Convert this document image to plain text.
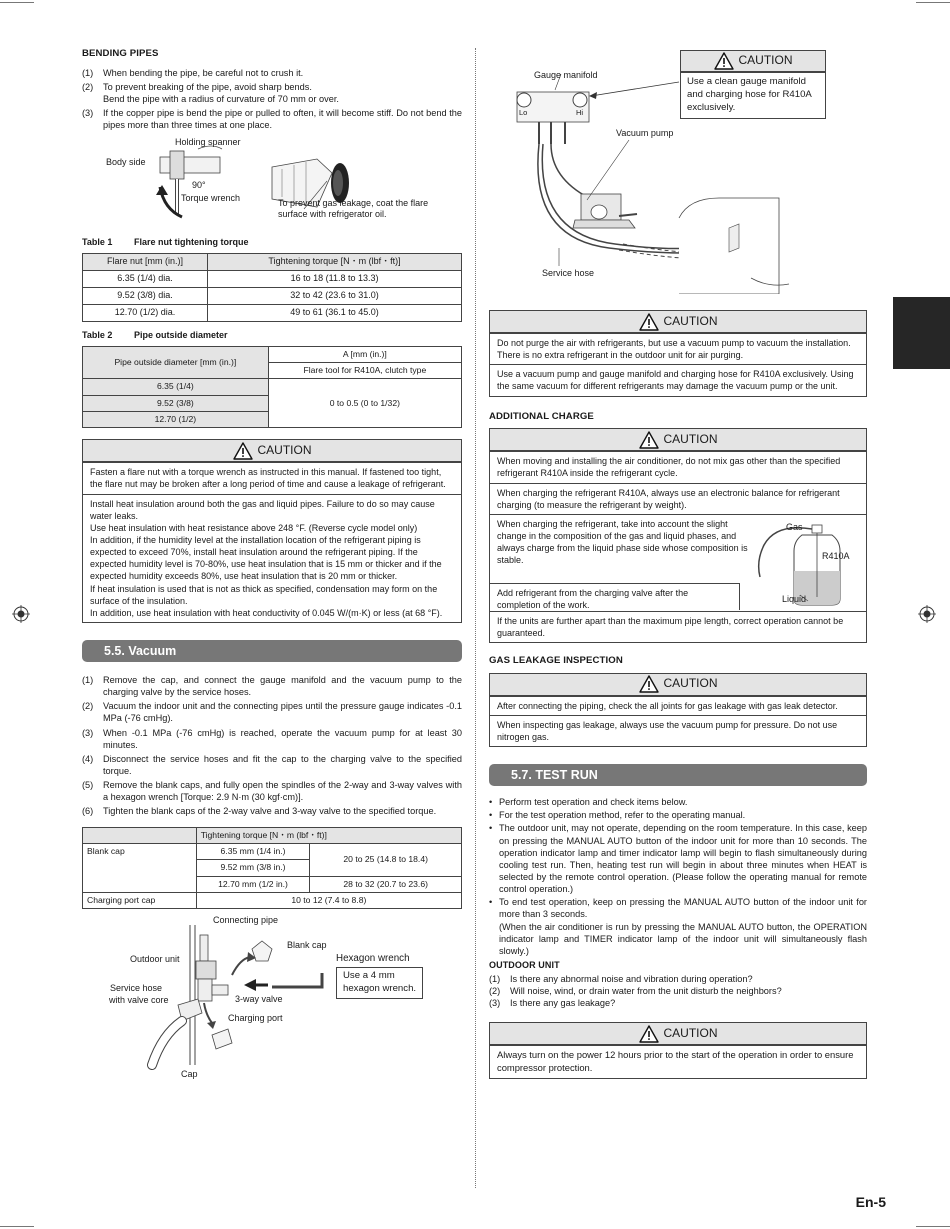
BENDING PIPES
(1) When bending the pipe, be careful not to crush it.
(2) To prevent breaking of the pipe, avoid sharp bends.
Bend the pipe with a radius of curvature of 70 mm or over.
(3) If the copper pipe is bend the pipe or pulled to often, it will become stiff. Do not bend the pipes more than three times at one place.
Holding spanner
Body side
90°
Torque wrench	To prevent gas leakage, coat the flare
surface with refrigerator oil.
Table 1 Flare nut tightening torque
Flare nut [mm (in.)]	Tightening torque [N・m (lbf・ft)]
6.35 (1/4) dia.	16 to 18 (11.8 to 13.3)
9.52 (3/8) dia.	32 to 42 (23.6 to 31.0)
12.70 (1/2) dia.	49 to 61 (36.1 to 45.0)
Table 2 Pipe outside diameter
Pipe outside diameter [mm (in.)]	A [mm (in.)]
	Flare tool for R410A, clutch type
6.35 (1/4)	0 to 0.5 (0 to 1/32)
9.52 (3/8)	
12.70 (1/2)	
CAUTION
Fasten a flare nut with a torque wrench as instructed in this manual. If fastened too tight, the flare nut may be broken after a long period of time and cause a leakage of refrigerant.

Install heat insulation around both the gas and liquid pipes. Failure to do so may cause water leaks.

Use heat insulation with heat resistance above 248 °F. (Reverse cycle model only)

In addition, if the humidity level at the installation location of the refrigerant piping is expected to exceed 70%, install heat insulation around the refrigerant piping. If the expected humidity level is 70-80%, use heat insulation that is 15 mm or thicker and if the expected humidity exceeds 80%, use heat insulation that is 20 mm or thicker.

If heat insulation is used that is not as thick as specified, condensation may form on the surface of the insulation.

In addition, use heat insulation with heat conductivity of 0.045 W/(m·K) or less (at 68 °F).

5.5. Vacuum
(1) Remove the cap, and connect the gauge manifold and the vacuum pump to the charging valve by the service hoses.
(2) Vacuum the indoor unit and the connecting pipes until the pressure gauge indicates -0.1 MPa (-76 cmHg).
(3) When -0.1 MPa (-76 cmHg) is reached, operate the vacuum pump for at least 30 minutes.
(4) Disconnect the service hoses and fit the cap to the charging valve to the specified torque.
(5) Remove the blank caps, and fully open the spindles of the 2-way and 3-way valves with a hexagon wrench [Torque: 2.9 N·m (30 kgf·cm)].
(6) Tighten the blank caps of the 2-way valve and 3-way valve to the specified torque.
	Tightening torque [N・m (lbf・ft)]	
Blank cap	6.35 mm (1/4 in.)	20 to 25 (14.8 to 18.4)
	9.52 mm (3/8 in.)	
	12.70 mm (1/2 in.)	28 to 32 (20.7 to 23.6)
Charging port cap	10 to 12 (7.4 to 8.8)	
Connecting pipe
Blank cap
Outdoor unit	Hexagon wrench
Use a 4 mm
hexagon wrench.
Service hose
with valve core	3-way valve
Charging port
Cap
Gauge manifold
Lo	Hi
Vacuum pump
Service hose
CAUTION
Use a clean gauge manifold and charging hose for R410A exclusively.
CAUTION

Do not purge the air with refrigerants, but use a vacuum pump to vacuum the installation.

There is no extra refrigerant in the outdoor unit for air purging.

Use a vacuum pump and gauge manifold and charging hose for R410A exclusively. Using the same vacuum for different refrigerants may damage the vacuum pump or the unit.
ADDITIONAL CHARGE
CAUTION
When moving and installing the air conditioner, do not mix gas other than the specified refrigerant R410A inside the refrigerant cycle.
When charging the refrigerant R410A, always use an electronic balance for refrigerant charging (to measure the refrigerant by weight).
When charging the refrigerant, take into account the slight change in the composition of the gas and liquid phases, and always charge from the liquid phase side whose composition is stable.
Add refrigerant from the charging valve after the completion of the work.
Gas
R410A
Liquid
If the units are further apart than the maximum pipe length, correct operation cannot be guaranteed.
GAS LEAKAGE INSPECTION
CAUTION
After connecting the piping, check the all joints for gas leakage with gas leak detector.
When inspecting gas leakage, always use the vacuum pump for pressure. Do not use nitrogen gas.
5.7. TEST RUN
• Perform test operation and check items below.
• For the test operation method, refer to the operating manual.
• The outdoor unit, may not operate, depending on the room temperature. In this case, keep on pressing the MANUAL AUTO button of the indoor unit for more than 10 seconds. The operation indicator lamp and timer indicator lamp will begin to flash simultaneously during cooling test run. Then, heating test run will begin in about three minutes when HEAT is selected by the remote control operation. (Please follow the operating manual for remote control operation.)
• To end test operation, keep on pressing the MANUAL AUTO button of the indoor unit for more than 3 seconds.
(When the air conditioner is run by pressing the MANUAL AUTO button, the OPERATION indicator lamp and TIMER indicator lamp of the indoor unit will simultaneously flash slowly.)
OUTDOOR UNIT
(1) Is there any abnormal noise and vibration during operation?
(2) Will noise, wind, or drain water from the unit disturb the neighbors?
(3) Is there any gas leakage?
CAUTION
Always turn on the power 12 hours prior to the start of the operation in order to ensure compressor protection.
En-5
